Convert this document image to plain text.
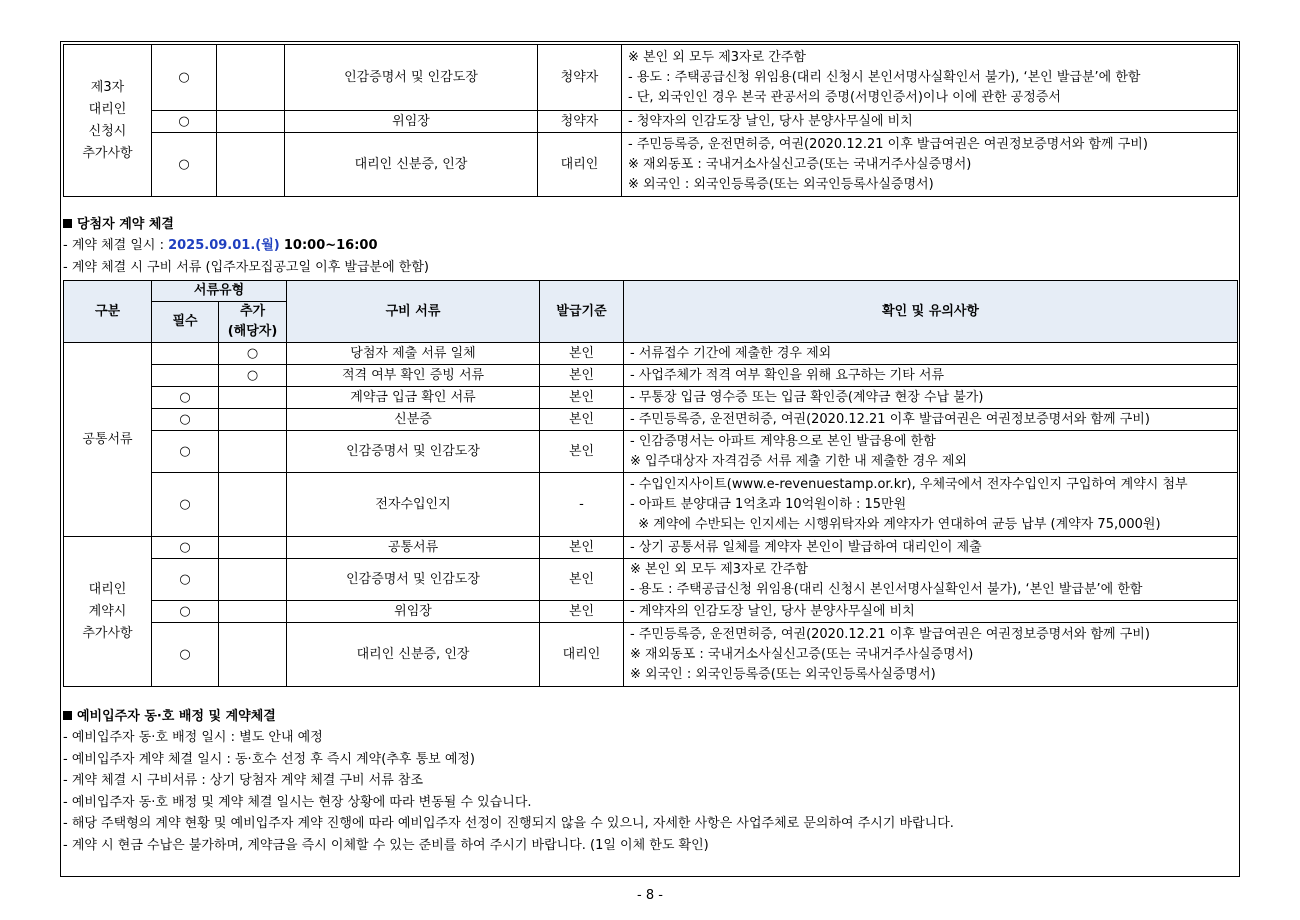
제3자
대리인
신청시
추가사항	○		인감증명서 및 인감도장	청약자	※ 본인 외 모두 제3자로 간주함
- 용도 : 주택공급신청 위임용(대리 신청시 본인서명사실확인서 불가), ‘본인 발급분’에 한함
- 단, 외국인인 경우 본국 관공서의 증명(서명인증서)이나 이에 관한 공정증서

	○		위임장	청약자	- 청약자의 인감도장 날인, 당사 분양사무실에 비치

	○		대리인 신분증, 인장	대리인	- 주민등록증, 운전면허증, 여권(2020.12.21 이후 발급여권은 여권정보증명서와 함께 구비)
※ 재외동포 : 국내거소사실신고증(또는 국내거주사실증명서)
※ 외국인 : 외국인등록증(또는 외국인등록사실증명서)
당첨자 계약 체결
- 계약 체결 일시 : 2025.09.01.(월) 10:00~16:00
- 계약 체결 시 구비 서류 (입주자모집공고일 이후 발급분에 한함)
구분	서류유형		구비 서류	발급기준	확인 및 유의사항
	필수	추가
(해당자)			

공통서류		○	당첨자 제출 서류 일체	본인	- 서류접수 기간에 제출한 경우 제외

		○	적격 여부 확인 증빙 서류	본인	- 사업주체가 적격 여부 확인을 위해 요구하는 기타 서류

	○		계약금 입금 확인 서류	본인	- 무통장 입금 영수증 또는 입금 확인증(계약금 현장 수납 불가)

	○		신분증	본인	- 주민등록증, 운전면허증, 여권(2020.12.21 이후 발급여권은 여권정보증명서와 함께 구비)

	○		인감증명서 및 인감도장	본인	- 인감증명서는 아파트 계약용으로 본인 발급용에 한함
※ 입주대상자 자격검증 서류 제출 기한 내 제출한 경우 제외

	○		전자수입인지	-	- 수입인지사이트(www.e-revenuestamp.or.kr), 우체국에서 전자수입인지 구입하여 계약시 첨부
- 아파트 분양대금 1억초과 10억원이하 : 15만원
※ 계약에 수반되는 인지세는 시행위탁자와 계약자가 연대하여 균등 납부 (계약자 75,000원)

대리인
계약시
추가사항	○		공통서류	본인	- 상기 공통서류 일체를 계약자 본인이 발급하여 대리인이 제출

	○		인감증명서 및 인감도장	본인	※ 본인 외 모두 제3자로 간주함
- 용도 : 주택공급신청 위임용(대리 신청시 본인서명사실확인서 불가), ‘본인 발급분’에 한함

	○		위임장	본인	- 계약자의 인감도장 날인, 당사 분양사무실에 비치

	○		대리인 신분증, 인장	대리인	- 주민등록증, 운전면허증, 여권(2020.12.21 이후 발급여권은 여권정보증명서와 함께 구비)
※ 재외동포 : 국내거소사실신고증(또는 국내거주사실증명서)
※ 외국인 : 외국인등록증(또는 외국인등록사실증명서)
예비입주자 동·호 배정 및 계약체결
- 예비입주자 동·호 배정 일시 : 별도 안내 예정
- 예비입주자 계약 체결 일시 : 동·호수 선정 후 즉시 계약(추후 통보 예정)
- 계약 체결 시 구비서류 : 상기 당첨자 계약 체결 구비 서류 참조
- 예비입주자 동·호 배정 및 계약 체결 일시는 현장 상황에 따라 변동될 수 있습니다.
- 해당 주택형의 계약 현황 및 예비입주자 계약 진행에 따라 예비입주자 선정이 진행되지 않을 수 있으니, 자세한 사항은 사업주체로 문의하여 주시기 바랍니다.
- 계약 시 현금 수납은 불가하며, 계약금을 즉시 이체할 수 있는 준비를 하여 주시기 바랍니다. (1일 이체 한도 확인)
- 8 -
